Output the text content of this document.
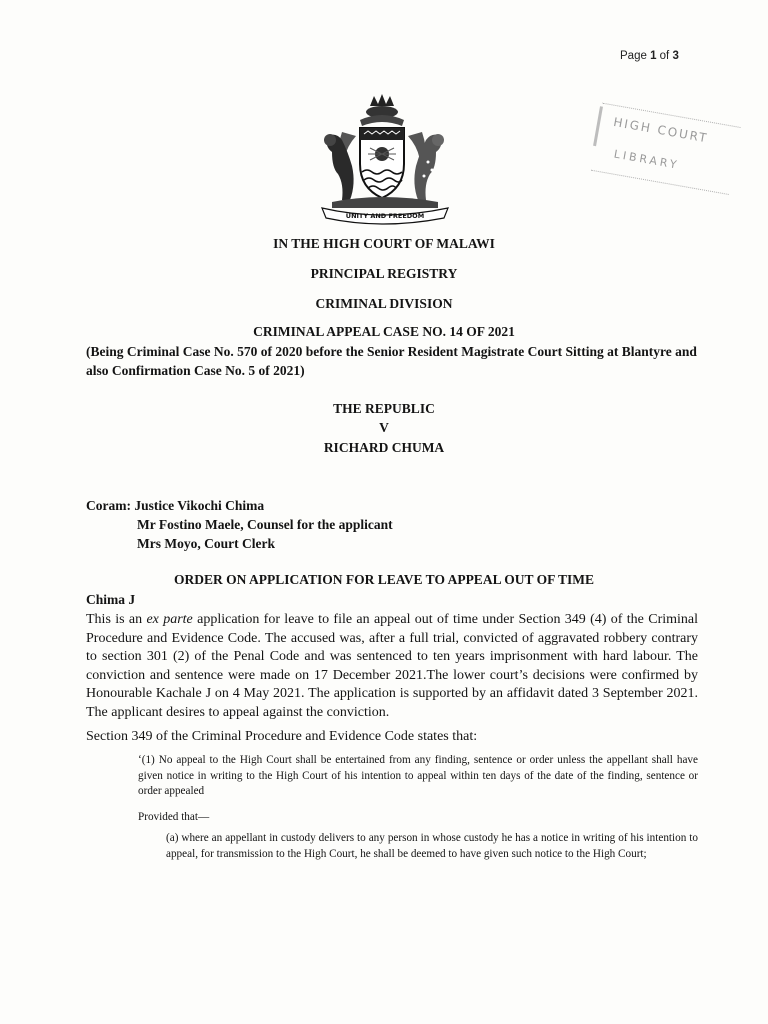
Page 1 of 3
UNITY AND FREEDOM
HIGH COURT
LIBRARY
IN THE HIGH COURT OF MALAWI
PRINCIPAL REGISTRY
CRIMINAL DIVISION
CRIMINAL APPEAL CASE NO. 14 OF 2021
(Being Criminal Case No. 570 of 2020 before the Senior Resident Magistrate Court Sitting at Blantyre and also Confirmation Case No. 5 of 2021)
THE REPUBLIC
V
RICHARD CHUMA
Coram: Justice Vikochi Chima
Mr Fostino Maele, Counsel for the applicant
Mrs Moyo, Court Clerk
ORDER ON APPLICATION FOR LEAVE TO APPEAL OUT OF TIME
Chima J
This is an ex parte application for leave to file an appeal out of time under Section 349 (4) of the Criminal Procedure and Evidence Code. The accused was, after a full trial, convicted of aggravated robbery contrary to section 301 (2) of the Penal Code and was sentenced to ten years imprisonment with hard labour. The conviction and sentence were made on 17 December 2021.The lower court’s decisions were confirmed by Honourable Kachale J on 4 May 2021. The application is supported by an affidavit dated 3 September 2021. The applicant desires to appeal against the conviction.
Section 349 of the Criminal Procedure and Evidence Code states that:
‘(1) No appeal to the High Court shall be entertained from any finding, sentence or order unless the appellant shall have given notice in writing to the High Court of his intention to appeal within ten days of the date of the finding, sentence or order appealed
Provided that—
(a) where an appellant in custody delivers to any person in whose custody he has a notice in writing of his intention to appeal, for transmission to the High Court, he shall be deemed to have given such notice to the High Court;
